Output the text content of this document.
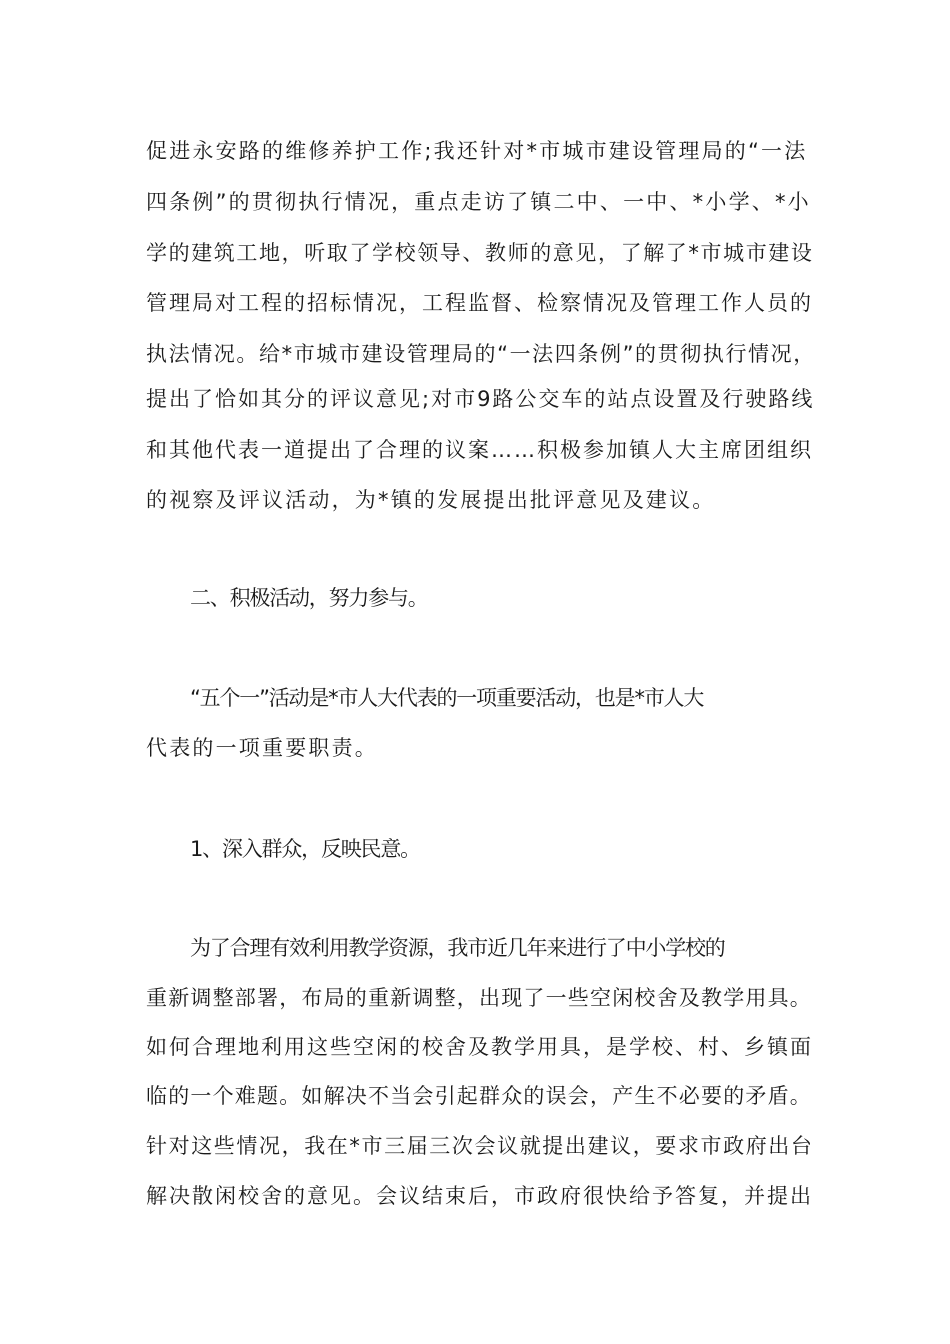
促进永安路的维修养护工作;我还针对*市城市建设管理局的“一法
四条例”的贯彻执行情况，重点走访了镇二中、一中、*小学、*小
学的建筑工地，听取了学校领导、教师的意见，了解了*市城市建设
管理局对工程的招标情况，工程监督、检察情况及管理工作人员的
执法情况。给*市城市建设管理局的“一法四条例”的贯彻执行情况，
提出了恰如其分的评议意见;对市9路公交车的站点设置及行驶路线
和其他代表一道提出了合理的议案……积极参加镇人大主席团组织
的视察及评议活动，为*镇的发展提出批评意见及建议。
二、积极活动，努力参与。
“五个一”活动是*市人大代表的一项重要活动，也是*市人大
代表的一项重要职责。
1、深入群众，反映民意。
为了合理有效利用教学资源，我市近几年来进行了中小学校的
重新调整部署，布局的重新调整，出现了一些空闲校舍及教学用具。
如何合理地利用这些空闲的校舍及教学用具，是学校、村、乡镇面
临的一个难题。如解决不当会引起群众的误会，产生不必要的矛盾。
针对这些情况，我在*市三届三次会议就提出建议，要求市政府出台
解决散闲校舍的意见。会议结束后，市政府很快给予答复，并提出
